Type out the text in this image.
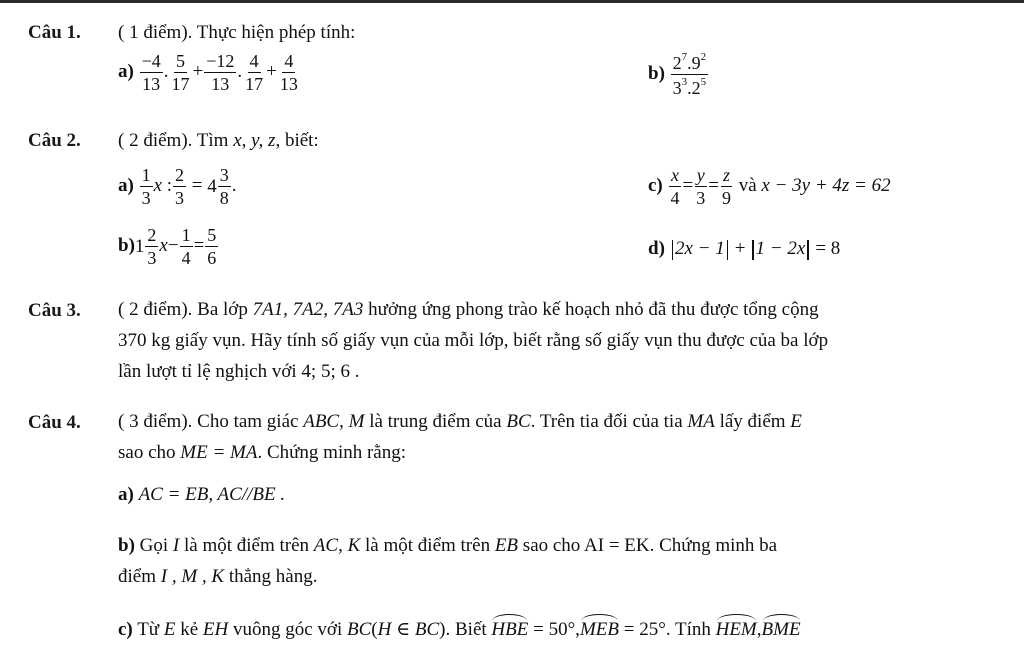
Câu 1. ( 1 điểm). Thực hiện phép tính:
$a) \frac{-4}{13}$ . $\frac{5}{17} + \frac{-12}{13}$ . $\frac{4}{17} + \frac{4}{13}$	$b) \frac{2^7.9^2}{3^3.2^5}$
Câu 2. ( 2 điểm). Tìm x, y, z, biết:
$a) \frac{1}{3}$ x : $\frac{2}{3} = 4 \frac{3}{8}$ .	$c) \frac{x}{4} = \frac{y}{3} = \frac{z}{9}$ và x − 3y + 4z = 62
b) $1 \frac{2}{3} x- \frac{1}{4} = \frac{5}{6}$	d) 2x − 1 + 1 − 2x = 8
Câu 3. ( 2 điểm). Ba lớp 7A1, 7A2, 7A3 hưởng ứng phong trào kế hoạch nhỏ đã thu được tổng cộng
370 kg giấy vụn. Hãy tính số giấy vụn của mỗi lớp, biết rằng số giấy vụn thu được của ba lớp
lần lượt tỉ lệ nghịch với 4; 5; 6 .
Câu 4. ( 3 điểm). Cho tam giác ABC, M là trung điểm của BC. Trên tia đối của tia MA lấy điểm E
sao cho ME = MA. Chứng minh rằng:
a) AC = EB, AC//BE .
b) Gọi I là một điểm trên AC, K là một điểm trên EB sao cho AI = EK. Chứng minh ba
điểm I , M , K thẳng hàng.
c) Từ E kẻ EH vuông góc với BC(H ∈ BC). Biết HBE = 50°,MEB = 25°. Tính HEM,BME
